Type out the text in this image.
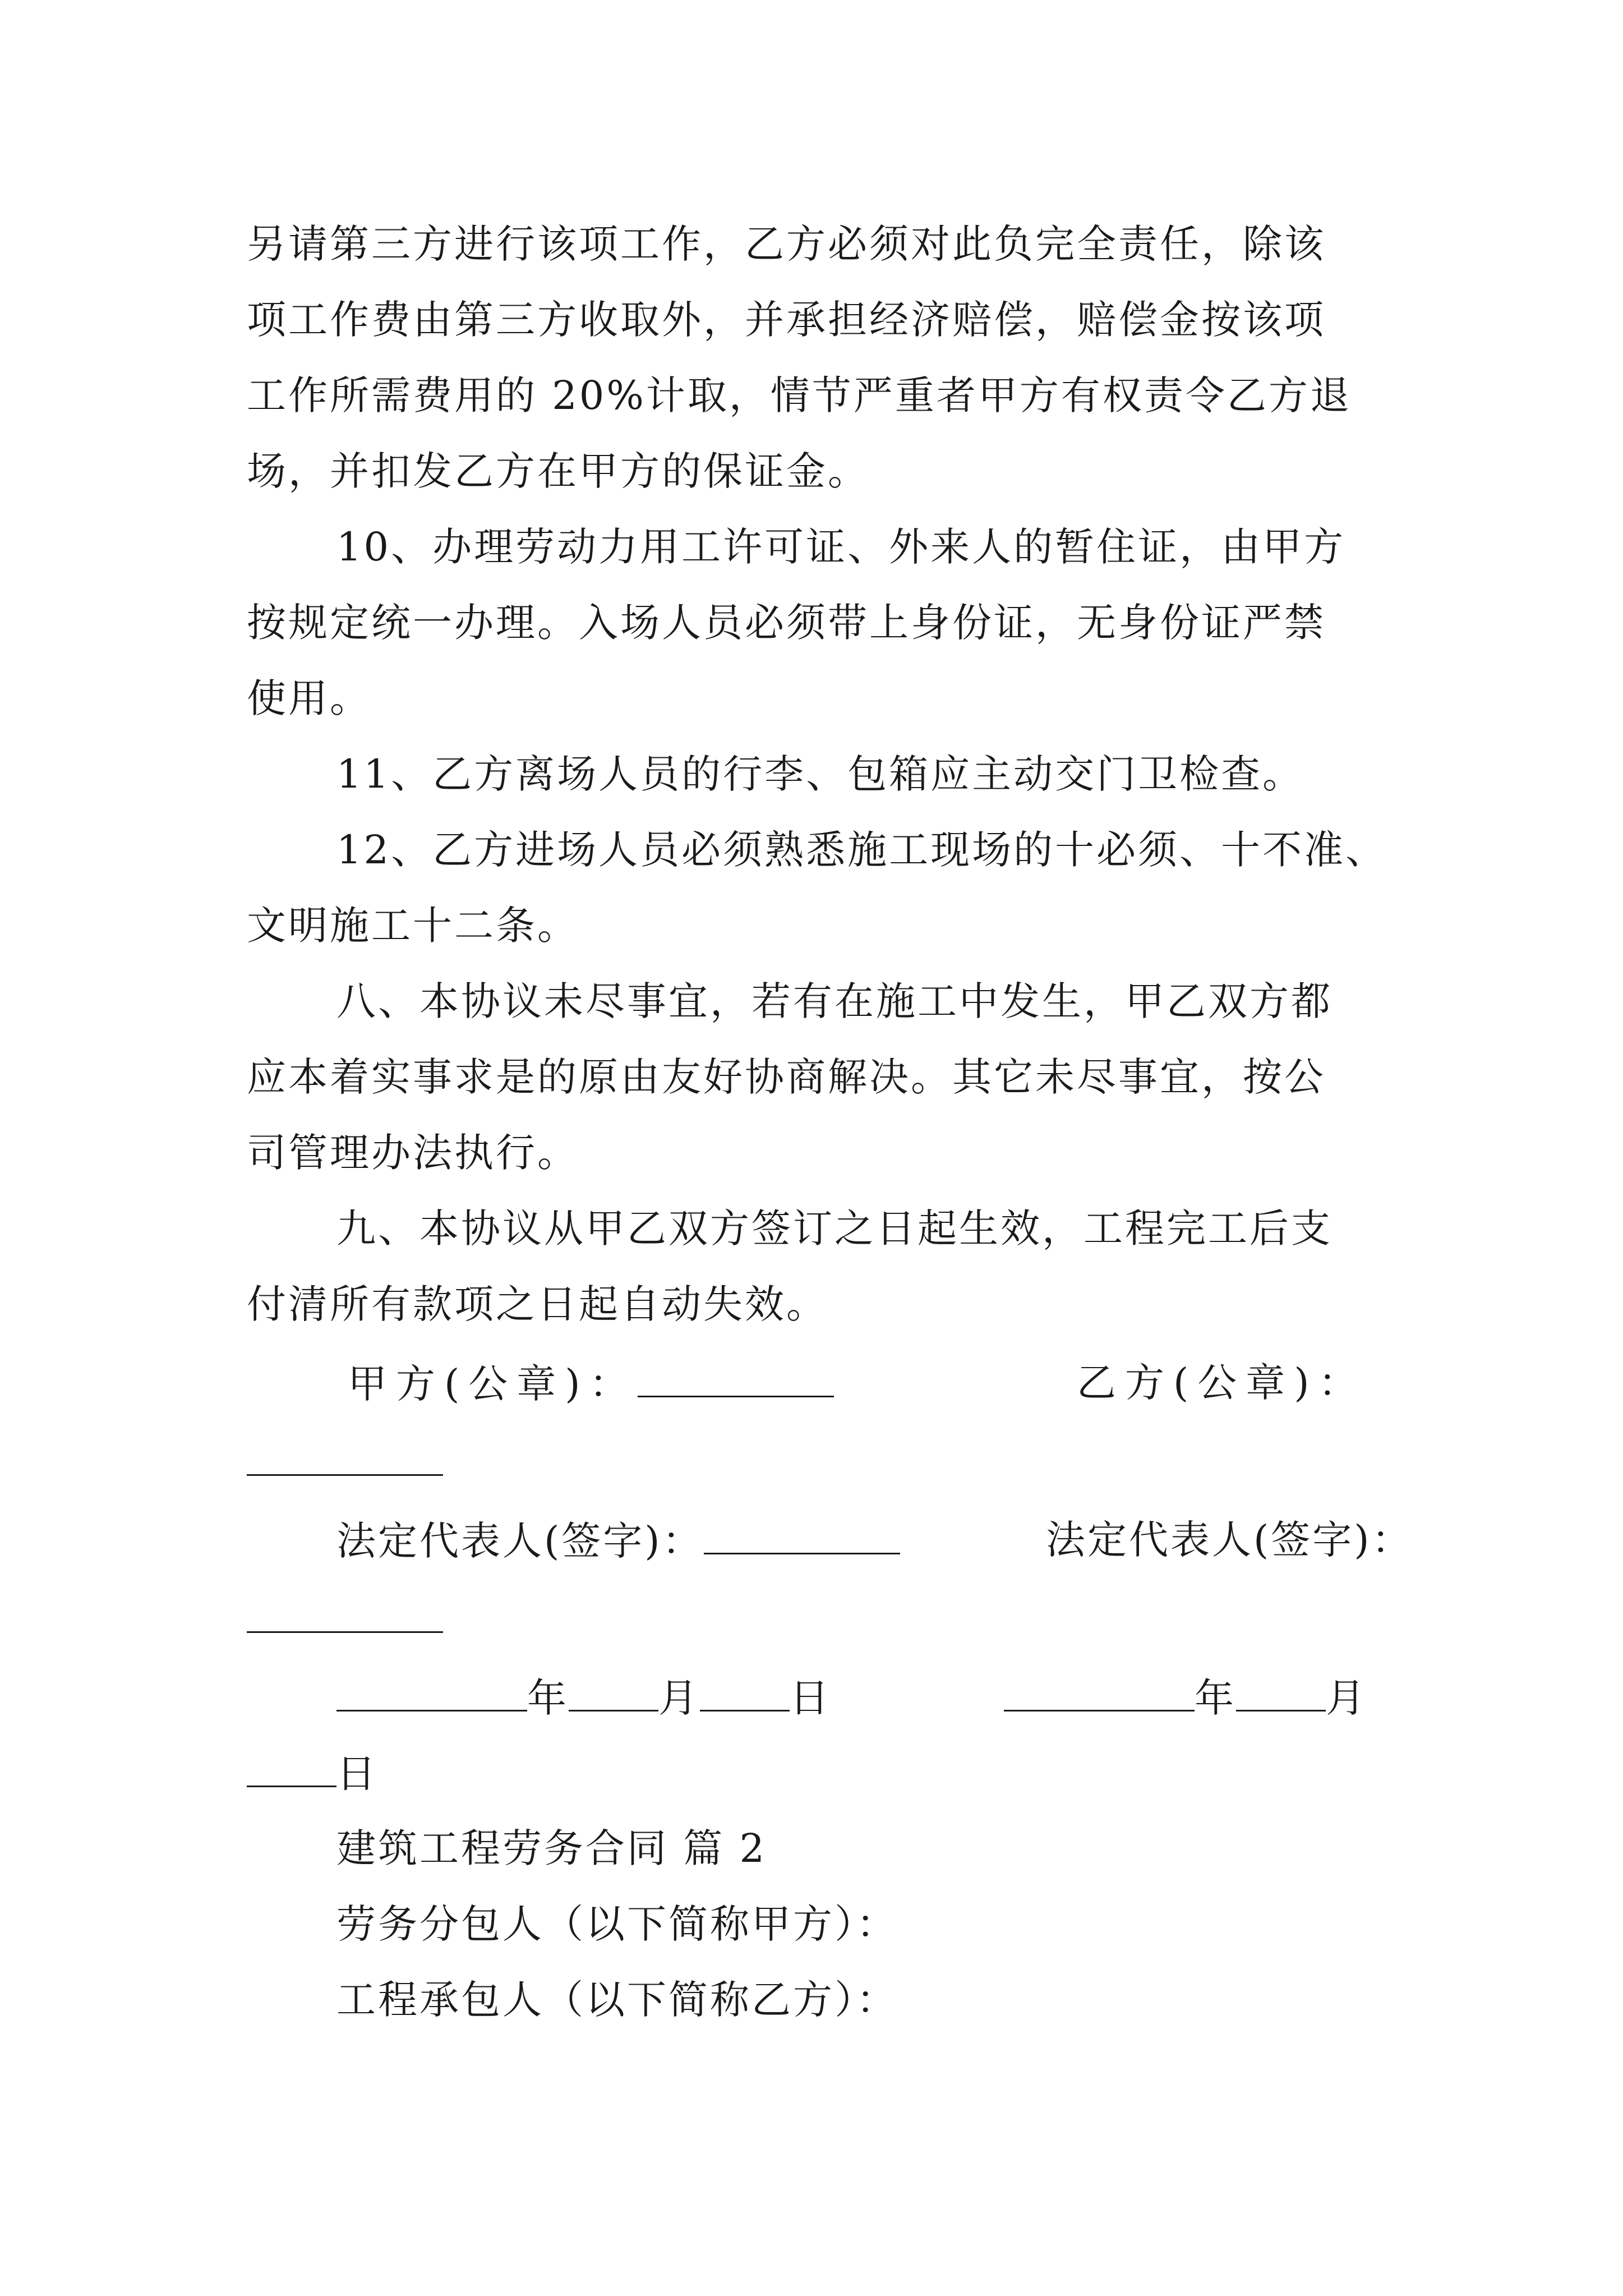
另请第三方进行该项工作，乙方必须对此负完全责任，除该
项工作费由第三方收取外，并承担经济赔偿，赔偿金按该项
工作所需费用的 20%计取，情节严重者甲方有权责令乙方退
场，并扣发乙方在甲方的保证金。
10、办理劳动力用工许可证、外来人的暂住证，由甲方
按规定统一办理。入场人员必须带上身份证，无身份证严禁
使用。
11、乙方离场人员的行李、包箱应主动交门卫检查。
12、乙方进场人员必须熟悉施工现场的十必须、十不准、
文明施工十二条。
八、本协议未尽事宜，若有在施工中发生，甲乙双方都
应本着实事求是的原由友好协商解决。其它未尽事宜，按公
司管理办法执行。
九、本协议从甲乙双方签订之日起生效，工程完工后支
付清所有款项之日起自动失效。
甲方(公章)：	乙方(公章)：
法定代表人(签字)：	法定代表人(签字)：
年 月 日	年 月
日
建筑工程劳务合同 篇 2
劳务分包人（以下简称甲方）：
工程承包人（以下简称乙方）：
